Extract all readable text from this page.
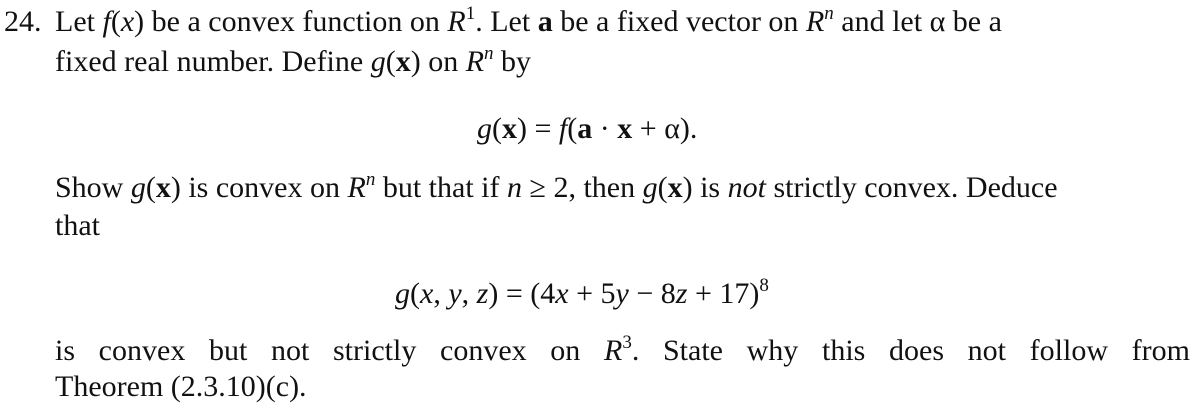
24. Let f(x) be a convex function on $R^1$. Let a be a fixed vector on $R^n$ and let α be a
fixed real number. Define g(x) on $R^n$ by
g(x) = f(a · x + α).
Show g(x) is convex on $R^n$ but that if n ≥ 2, then g(x) is not strictly convex. Deduce
that
g(x, y, $z) = (4x + 5y - 8z + 17)^8$
is convex but not strictly convex on $R^3$. State why this does not follow from
Theorem (2.3.10)(c).
